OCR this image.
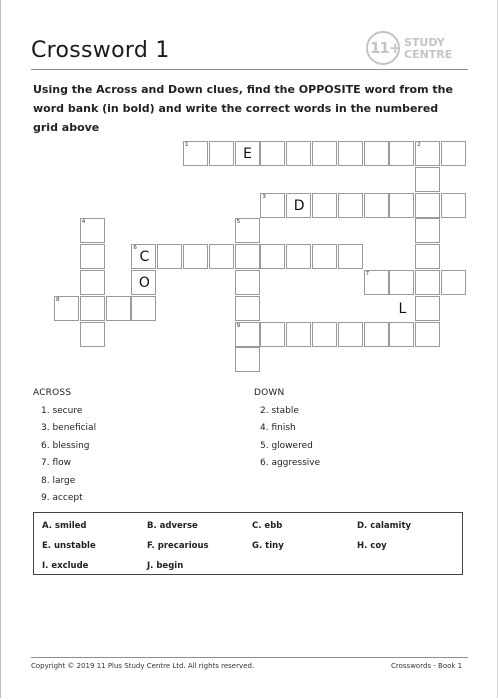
Crossword 1	11+ STUDY
CENTRE
Using the Across and Down clues, find the OPPOSITE word from the word bank (in bold) and write the correct words in the numbered grid above
1	2
3
4	5
6
7
8
9
E
D
C
O
L
ACROSS
1. secure
3. beneficial
6. blessing
7. flow
8. large
9. accept
DOWN
2. stable
4. finish
5. glowered
6. aggressive
A. smiled	B. adverse	C. ebb	D. calamity
E. unstable	F. precarious	G. tiny	H. coy
I. exclude	J. begin
Copyright © 2019 11 Plus Study Centre Ltd. All rights reserved.	Crosswords - Book 1
